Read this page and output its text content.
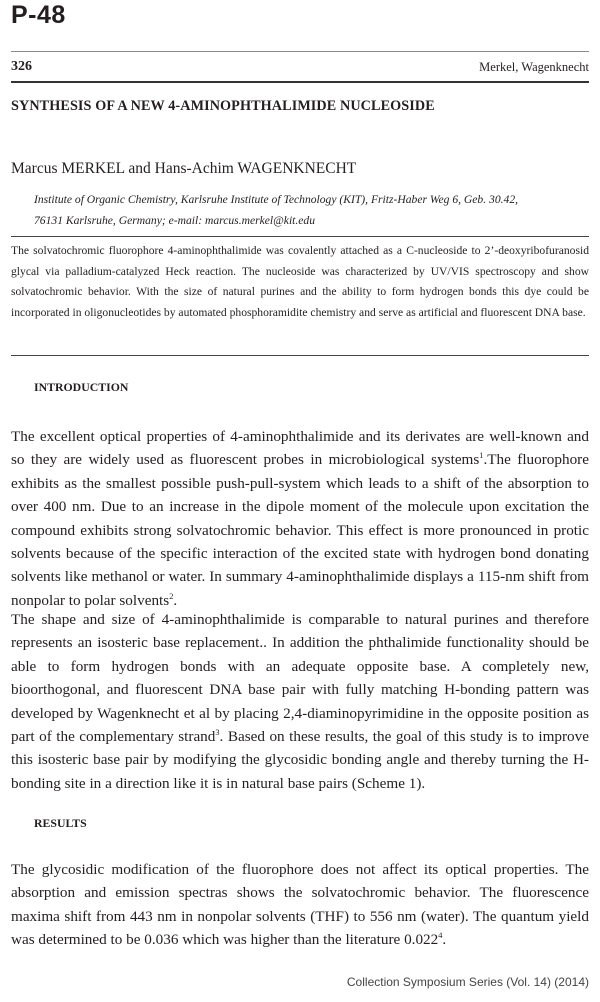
P-48
326	Merkel, Wagenknecht
SYNTHESIS OF A NEW 4-AMINOPHTHALIMIDE NUCLEOSIDE
Marcus MERKEL and Hans-Achim WAGENKNECHT
Institute of Organic Chemistry, Karlsruhe Institute of Technology (KIT), Fritz-Haber Weg 6, Geb. 30.42,
76131 Karlsruhe, Germany; e-mail: marcus.merkel@kit.edu
The solvatochromic fluorophore 4-aminophthalimide was covalently attached as a C-nucleoside to 2’-deoxyribofuranosid glycal via palladium-catalyzed Heck reaction. The nucleoside was characterized by UV/VIS spectroscopy and show solvatochromic behavior. With the size of natural purines and the ability to form hydrogen bonds this dye could be incorporated in oligonucleotides by automated phosphoramidite chemistry and serve as artificial and fluorescent DNA base.
INTRODUCTION
The excellent optical properties of 4-aminophthalimide and its derivates are well-known and so they are widely used as fluorescent probes in microbiological systems$^1$.The fluorophore exhibits as the smallest possible push-pull-system which leads to a shift of the absorption to over 400 nm. Due to an increase in the dipole moment of the molecule upon excitation the compound exhibits strong solvatochromic behavior. This effect is more pronounced in protic solvents because of the specific interaction of the excited state with hydrogen bond donating solvents like methanol or water. In summary 4-aminophthalimide displays a 115-nm shift from nonpolar to polar solvents$^2$.
The shape and size of 4-aminophthalimide is comparable to natural purines and therefore represents an isosteric base replacement.. In addition the phthalimide functionality should be able to form hydrogen bonds with an adequate opposite base. A completely new, bioorthogonal, and fluorescent DNA base pair with fully matching H-bonding pattern was developed by Wagenknecht et al by placing 2,4-diaminopyrimidine in the opposite position as part of the complementary strand$^3$. Based on these results, the goal of this study is to improve this isosteric base pair by modifying the glycosidic bonding angle and thereby turning the H-bonding site in a direction like it is in natural base pairs (Scheme 1).
RESULTS
The glycosidic modification of the fluorophore does not affect its optical properties. The absorption and emission spectras shows the solvatochromic behavior. The fluorescence maxima shift from 443 nm in nonpolar solvents (THF) to 556 nm (water). The quantum yield was determined to be 0.036 which was higher than the literature 0.022$^4$.
Collection Symposium Series (Vol. 14) (2014)
